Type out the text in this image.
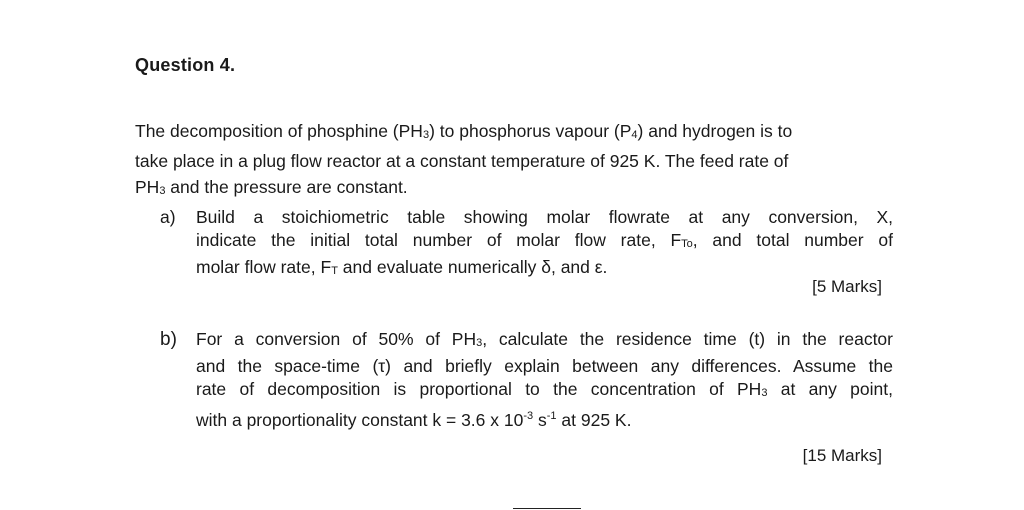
Question 4.
The decomposition of phosphine $(PH_3)$ to phosphorus vapour $(P_4)$ and hydrogen is to
take place in a plug flow reactor at a constant temperature of 925 K. The feed rate of
$PH_3$ and the pressure are constant.
a)	Build a stoichiometric table showing molar flowrate at any conversion, X,
indicate the initial total number of molar flow rate, $F_{To}$, and total number of
molar flow rate, $F_T$ and evaluate numerically δ, and ε.
[5 Marks]
b)	For a conversion of 50% of $PH_3$, calculate the residence time (t) in the reactor
and the space-time (τ) and briefly explain between any differences. Assume the
rate of decomposition is proportional to the concentration of $PH_3$ at any point,
with a proportionality constant k = 3.6 x $10^{-3}$ $s^{-1}$ at 925 K.
[15 Marks]
